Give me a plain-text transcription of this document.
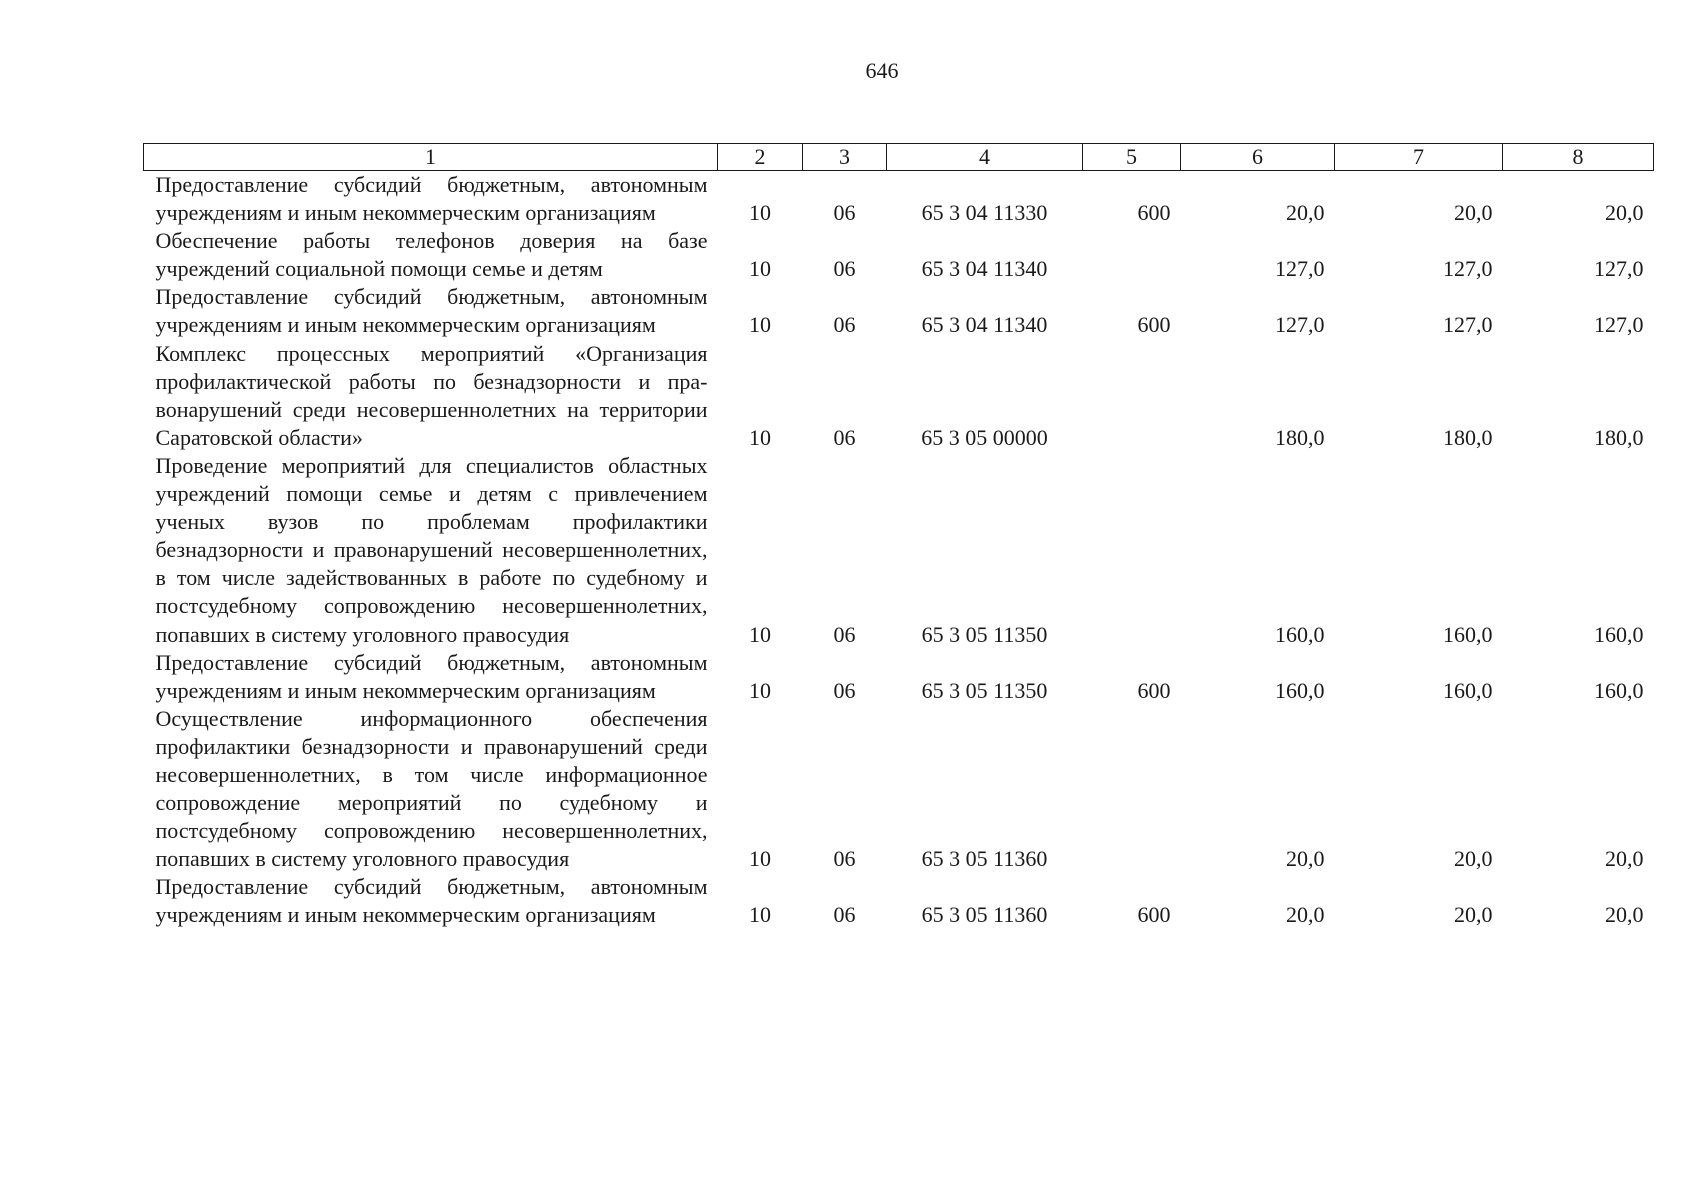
646
1	2	3	4	5	6	7	8
Предоставление субсидий бюджетным, автономным учреждениям и иным некоммерческим организациям	10	06	65 3 04 11330	600	20,0	20,0	20,0
Обеспечение работы телефонов доверия на базе учреждений социальной помощи семье и детям	10	06	65 3 04 11340		127,0	127,0	127,0
Предоставление субсидий бюджетным, автономным учреждениям и иным некоммерческим организациям	10	06	65 3 04 11340	600	127,0	127,0	127,0
Комплекс процессных мероприятий «Организация профилактической работы по безнадзорности и правонарушений среди несовершеннолетних на территории Саратовской области»	10	06	65 3 05 00000		180,0	180,0	180,0
Проведение мероприятий для специалистов областных учреждений помощи семье и детям с привлечением ученых вузов по проблемам профилактики безнадзорности и правонарушений несовершеннолетних, в том числе задействованных в работе по судебному и постсудебному сопровождению несовершеннолетних, попавших в систему уголовного правосудия	10	06	65 3 05 11350		160,0	160,0	160,0
Предоставление субсидий бюджетным, автономным учреждениям и иным некоммерческим организациям	10	06	65 3 05 11350	600	160,0	160,0	160,0
Осуществление информационного обеспечения профилактики безнадзорности и правонарушений среди несовершеннолетних, в том числе информационное сопровождение мероприятий по судебному и постсудебному сопровождению несовершеннолетних, попавших в систему уголовного правосудия	10	06	65 3 05 11360		20,0	20,0	20,0
Предоставление субсидий бюджетным, автономным учреждениям и иным некоммерческим организациям	10	06	65 3 05 11360	600	20,0	20,0	20,0
